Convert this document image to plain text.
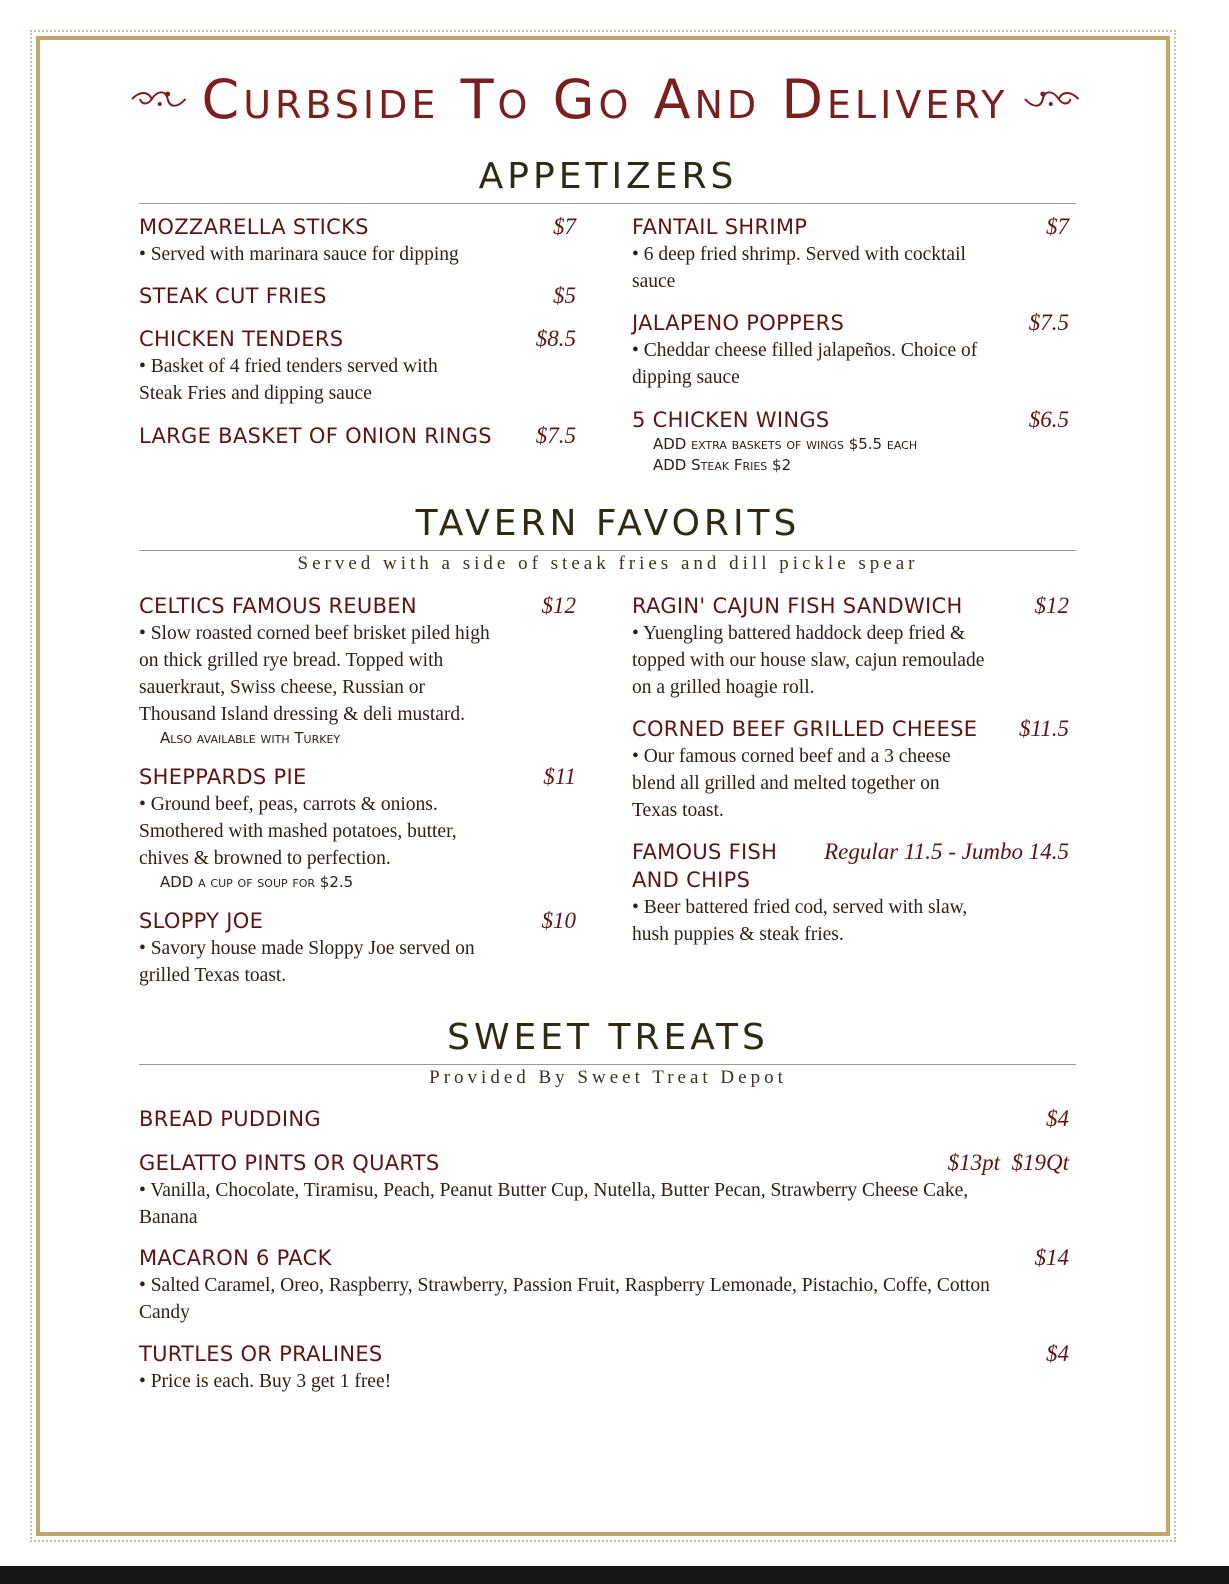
Curbside To Go And Delivery
APPETIZERS
MOZZARELLA STICKS	$7
• Served with marinara sauce for dipping
STEAK CUT FRIES	$5
CHICKEN TENDERS	$8.5
• Basket of 4 fried tenders served with Steak Fries and dipping sauce
LARGE BASKET OF ONION RINGS $7.5
FANTAIL SHRIMP	$7
• 6 deep fried shrimp. Served with cocktail sauce
JALAPENO POPPERS	$7.5
• Cheddar cheese filled jalapeños. Choice of dipping sauce
5 CHICKEN WINGS	$6.5
ADD extra baskets of wings $5.5 each
ADD Steak Fries $2
TAVERN FAVORITS
Served with a side of steak fries and dill pickle spear
CELTICS FAMOUS REUBEN	$12
• Slow roasted corned beef brisket piled high on thick grilled rye bread. Topped with sauerkraut, Swiss cheese, Russian or Thousand Island dressing & deli mustard.
Also available with Turkey
SHEPPARDS PIE	$11
• Ground beef, peas, carrots & onions. Smothered with mashed potatoes, butter, chives & browned to perfection.
ADD a cup of soup for $2.5
SLOPPY JOE	$10
• Savory house made Sloppy Joe served on grilled Texas toast.
RAGIN' CAJUN FISH SANDWICH	$12
• Yuengling battered haddock deep fried & topped with our house slaw, cajun remoulade on a grilled hoagie roll.
CORNED BEEF GRILLED CHEESE $11.5
• Our famous corned beef and a 3 cheese blend all grilled and melted together on Texas toast.
FAMOUS FISH AND CHIPS
Regular 11.5 - Jumbo 14.5
• Beer battered fried cod, served with slaw, hush puppies & steak fries.
SWEET TREATS
Provided By Sweet Treat Depot
BREAD PUDDING	$4
GELATTO PINTS OR QUARTS	$13pt  $19Qt
• Vanilla, Chocolate, Tiramisu, Peach, Peanut Butter Cup, Nutella, Butter Pecan, Strawberry Cheese Cake, Banana
MACARON 6 PACK	$14
• Salted Caramel, Oreo, Raspberry, Strawberry, Passion Fruit, Raspberry Lemonade, Pistachio, Coffe, Cotton Candy
TURTLES OR PRALINES	$4
• Price is each. Buy 3 get 1 free!
